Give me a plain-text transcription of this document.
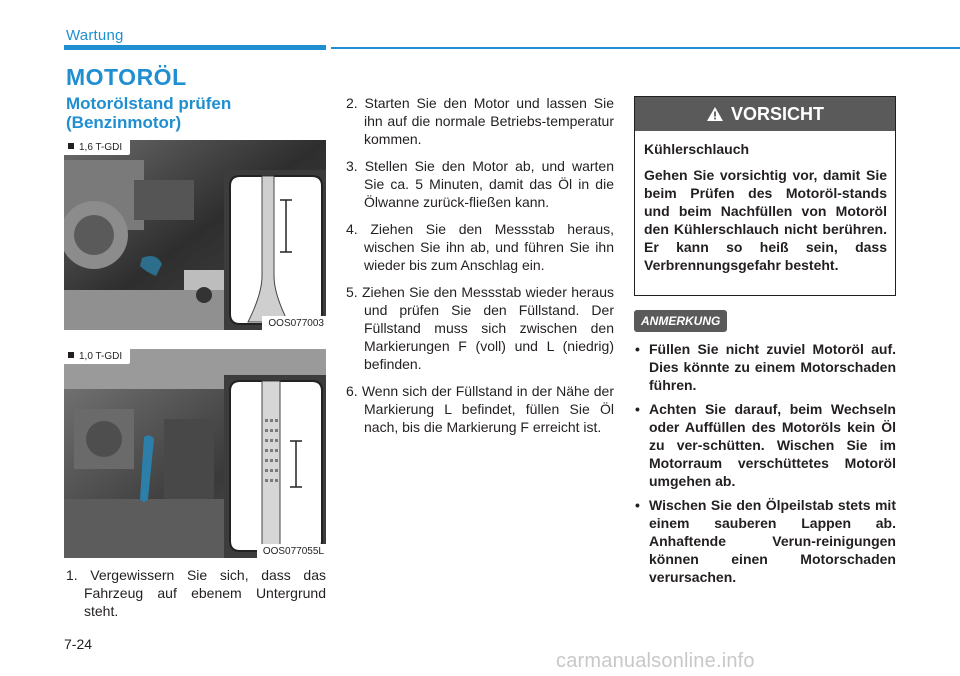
Wartung
MOTORÖL
Motorölstand prüfen (Benzinmotor)
1,6 T-GDI
OOS077003
1,0 T-GDI
OOS077055L
1. Vergewissern Sie sich, dass das Fahrzeug auf ebenem Untergrund steht.
2. Starten Sie den Motor und lassen Sie ihn auf die normale Betriebs-temperatur kommen.
3. Stellen Sie den Motor ab, und warten Sie ca. 5 Minuten, damit das Öl in die Ölwanne zurück-fließen kann.
4. Ziehen Sie den Messstab heraus, wischen Sie ihn ab, und führen Sie ihn wieder bis zum Anschlag ein.
5. Ziehen Sie den Messstab wieder heraus und prüfen Sie den Füllstand. Der Füllstand muss sich zwischen den Markierungen F (voll) und L (niedrig) befinden.
6. Wenn sich der Füllstand in der Nähe der Markierung L befindet, füllen Sie Öl nach, bis die Markierung F erreicht ist.
VORSICHT
Kühlerschlauch
Gehen Sie vorsichtig vor, damit Sie beim Prüfen des Motoröl-stands und beim Nachfüllen von Motoröl den Kühlerschlauch nicht berühren. Er kann so heiß sein, dass Verbrennungsgefahr besteht.
ANMERKUNG
• Füllen Sie nicht zuviel Motoröl auf. Dies könnte zu einem Motorschaden führen.
• Achten Sie darauf, beim Wechseln oder Auffüllen des Motoröls kein Öl zu ver-schütten. Wischen Sie im Motorraum verschüttetes Motoröl umgehen ab.
• Wischen Sie den Ölpeilstab stets mit einem sauberen Lappen ab. Anhaftende Verun-reinigungen können einen Motorschaden verursachen.
7-24
carmanualsonline.info
